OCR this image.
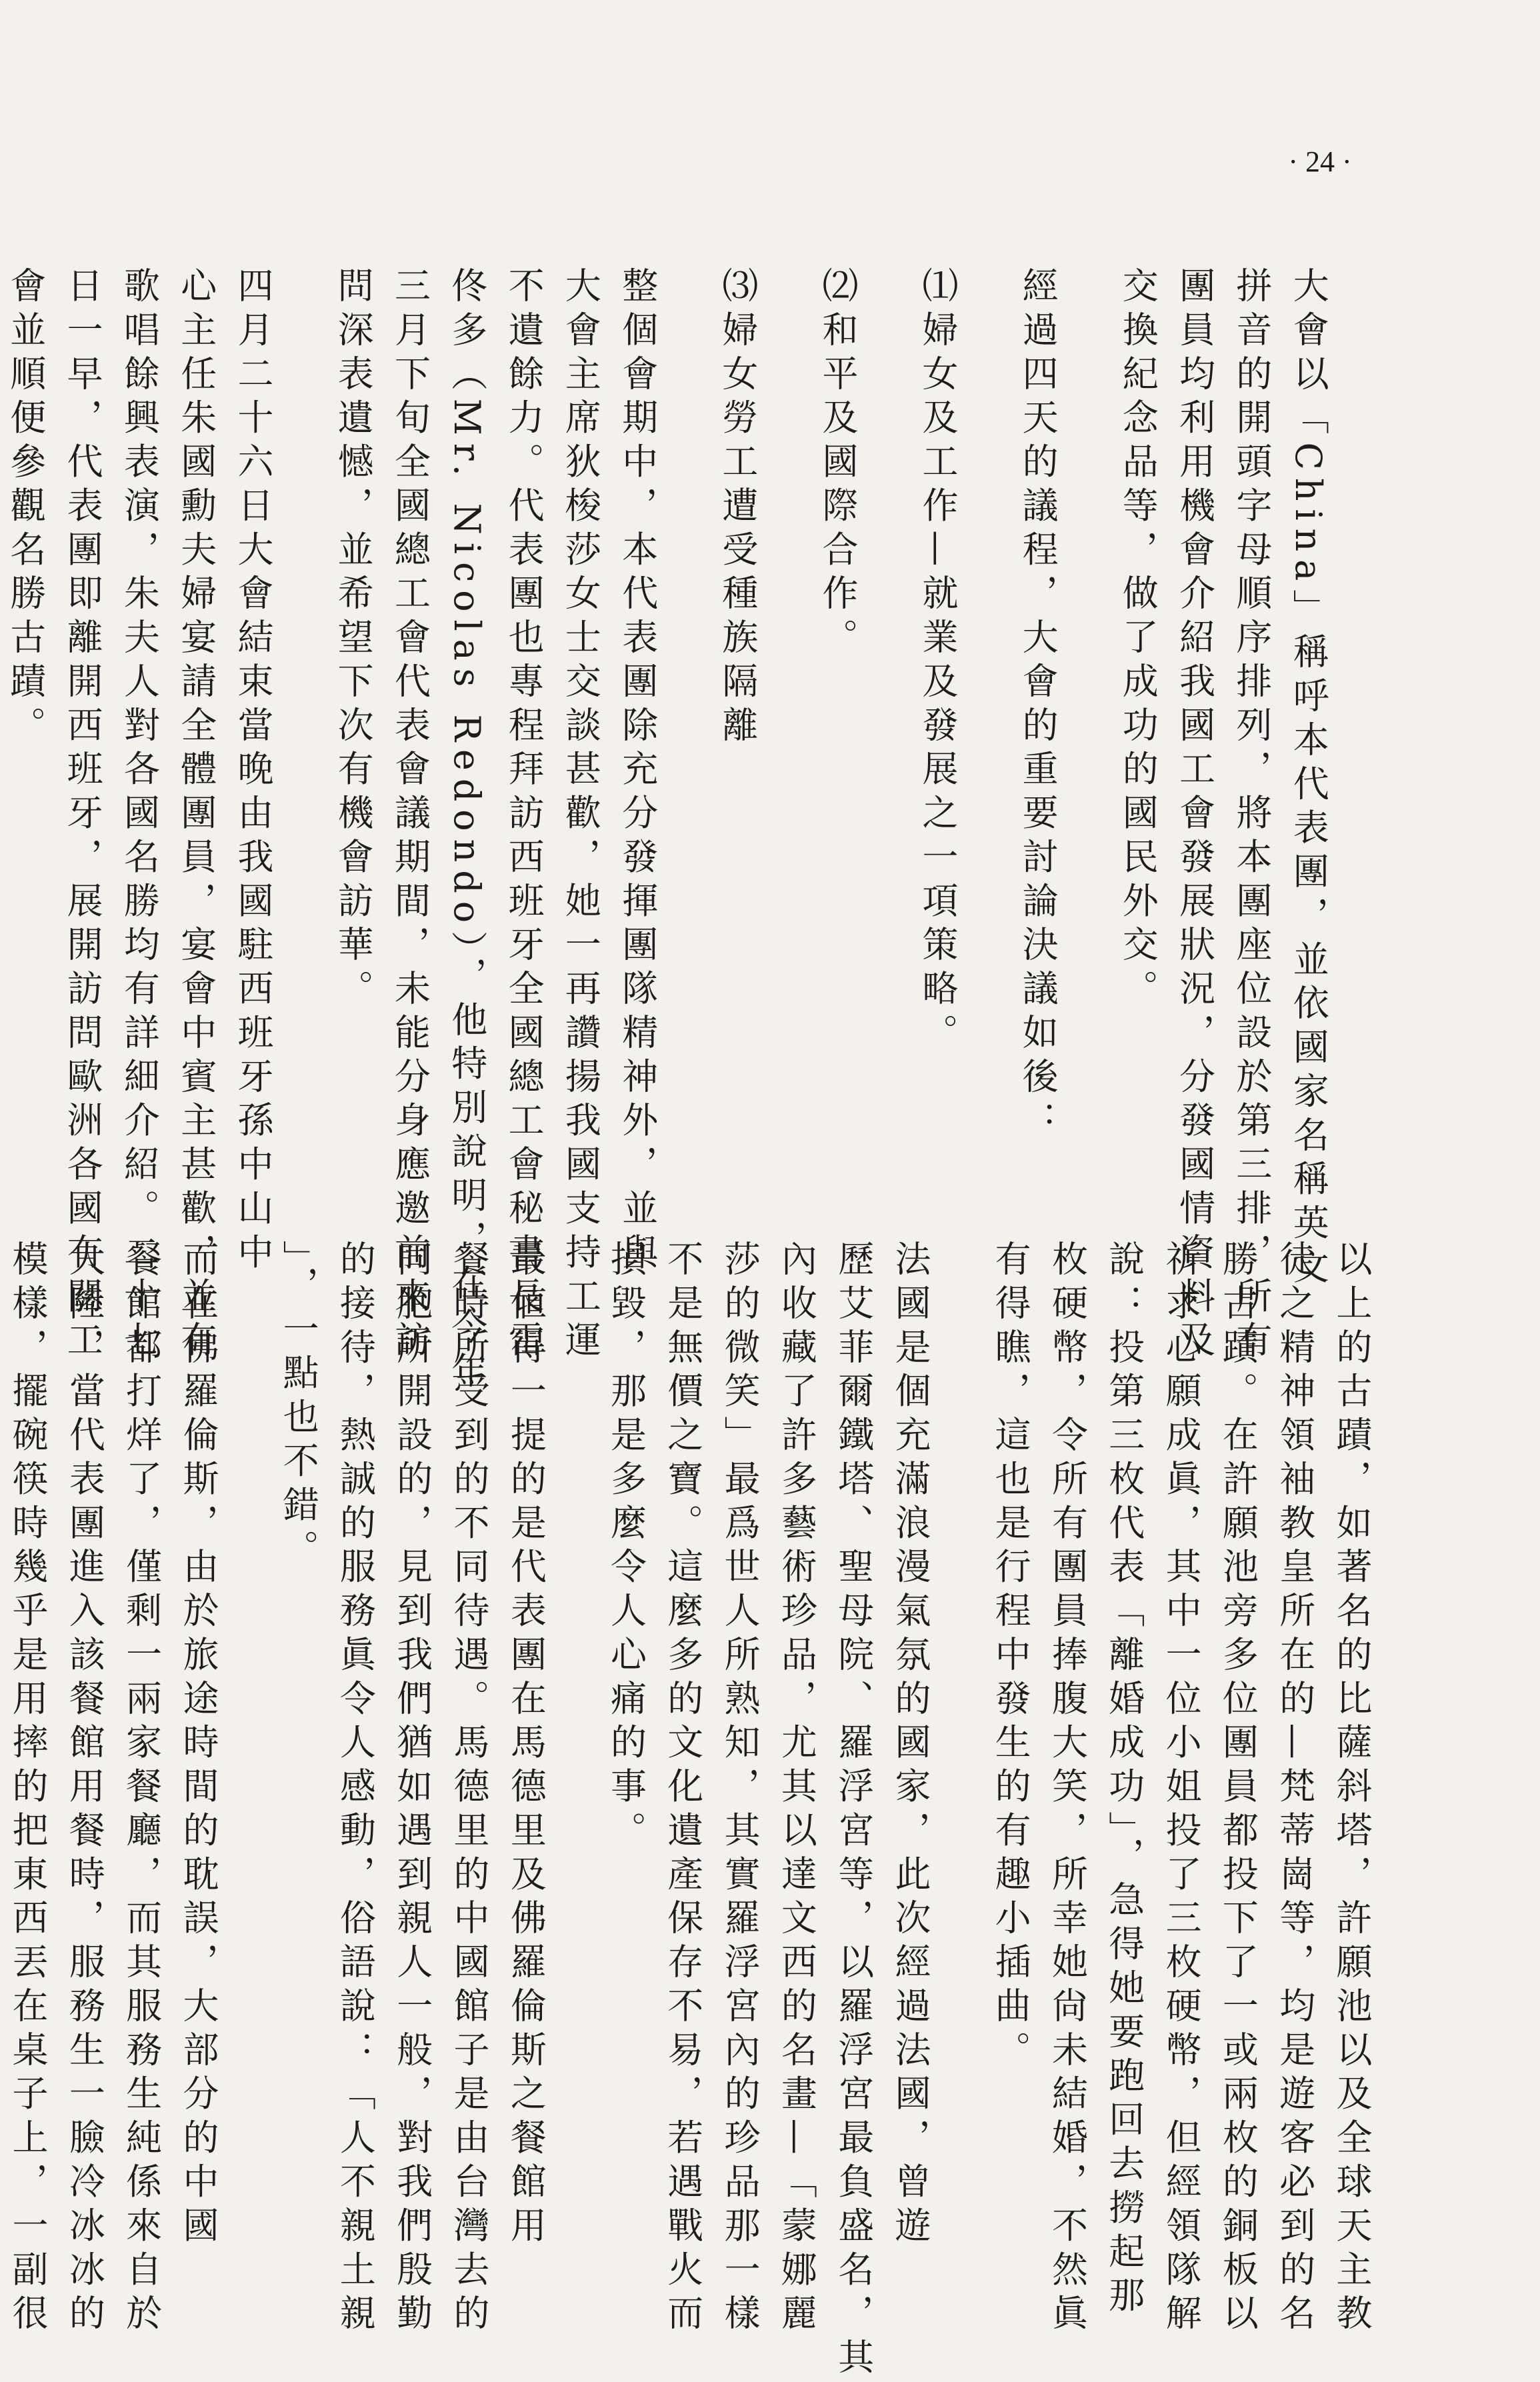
· 24 ·
大會以「China」稱呼本代表團，並依國家名稱英文
拼音的開頭字母順序排列，將本團座位設於第三排，所有
團員均利用機會介紹我國工會發展狀況，分發國情資料及
交換紀念品等，做了成功的國民外交。
經過四天的議程，大會的重要討論決議如後：
⑴婦女及工作—就業及發展之一項策略。
⑵和平及國際合作。
⑶婦女勞工遭受種族隔離
整個會期中，本代表團除充分發揮團隊精神外，並與
大會主席狄梭莎女士交談甚歡，她一再讚揚我國支持工運
不遺餘力。代表團也專程拜訪西班牙全國總工會秘書長雷
佟多（Mr. Nicolas Redondo），他特別說明，在今年
三月下旬全國總工會代表會議期間，未能分身應邀前來訪
問深表遺憾，並希望下次有機會訪華。
四月二十六日大會結束當晚由我國駐西班牙孫中山中
心主任朱國勳夫婦宴請全體團員，宴會中賓主甚歡，並有
歌唱餘興表演，朱夫人對各國名勝均有詳細介紹。二十七
日一早，代表團即離開西班牙，展開訪問歐洲各國有關工
會並順便參觀名勝古蹟。
以上的古蹟，如著名的比薩斜塔，許願池以及全球天主教
徒之精神領袖教皇所在的—梵蒂崗等，均是遊客必到的名
勝古蹟。在許願池旁多位團員都投下了一或兩枚的銅板以
祈求心願成眞，其中一位小姐投了三枚硬幣，但經領隊解
說：投第三枚代表「離婚成功」，急得她要跑回去撈起那
枚硬幣，令所有團員捧腹大笑，所幸她尙未結婚，不然眞
有得瞧，這也是行程中發生的有趣小插曲。
法國是個充滿浪漫氣氛的國家，此次經過法國，曾遊
歷艾菲爾鐵塔、聖母院、羅浮宮等，以羅浮宮最負盛名，其
內收藏了許多藝術珍品，尤其以達文西的名畫—「蒙娜麗
莎的微笑」最爲世人所熟知，其實羅浮宮內的珍品那一樣
不是無價之寶。這麼多的文化遺產保存不易，若遇戰火而
損毀，那是多麼令人心痛的事。
最値得一提的是代表團在馬德里及佛羅倫斯之餐館用
餐時所受到的不同待遇。馬德里的中國館子是由台灣去的
同胞所開設的，見到我們猶如遇到親人一般，對我們殷勤
的接待，熱誠的服務眞令人感動，俗語說：「人不親土親
」，一點也不錯。
而在佛羅倫斯，由於旅途時間的耽誤，大部分的中國
餐館都打烊了，僅剩一兩家餐廳，而其服務生純係來自於
大陸，當代表團進入該餐館用餐時，服務生一臉冷冰冰的
模樣，擺碗筷時幾乎是用摔的把東西丟在桌子上，一副很
